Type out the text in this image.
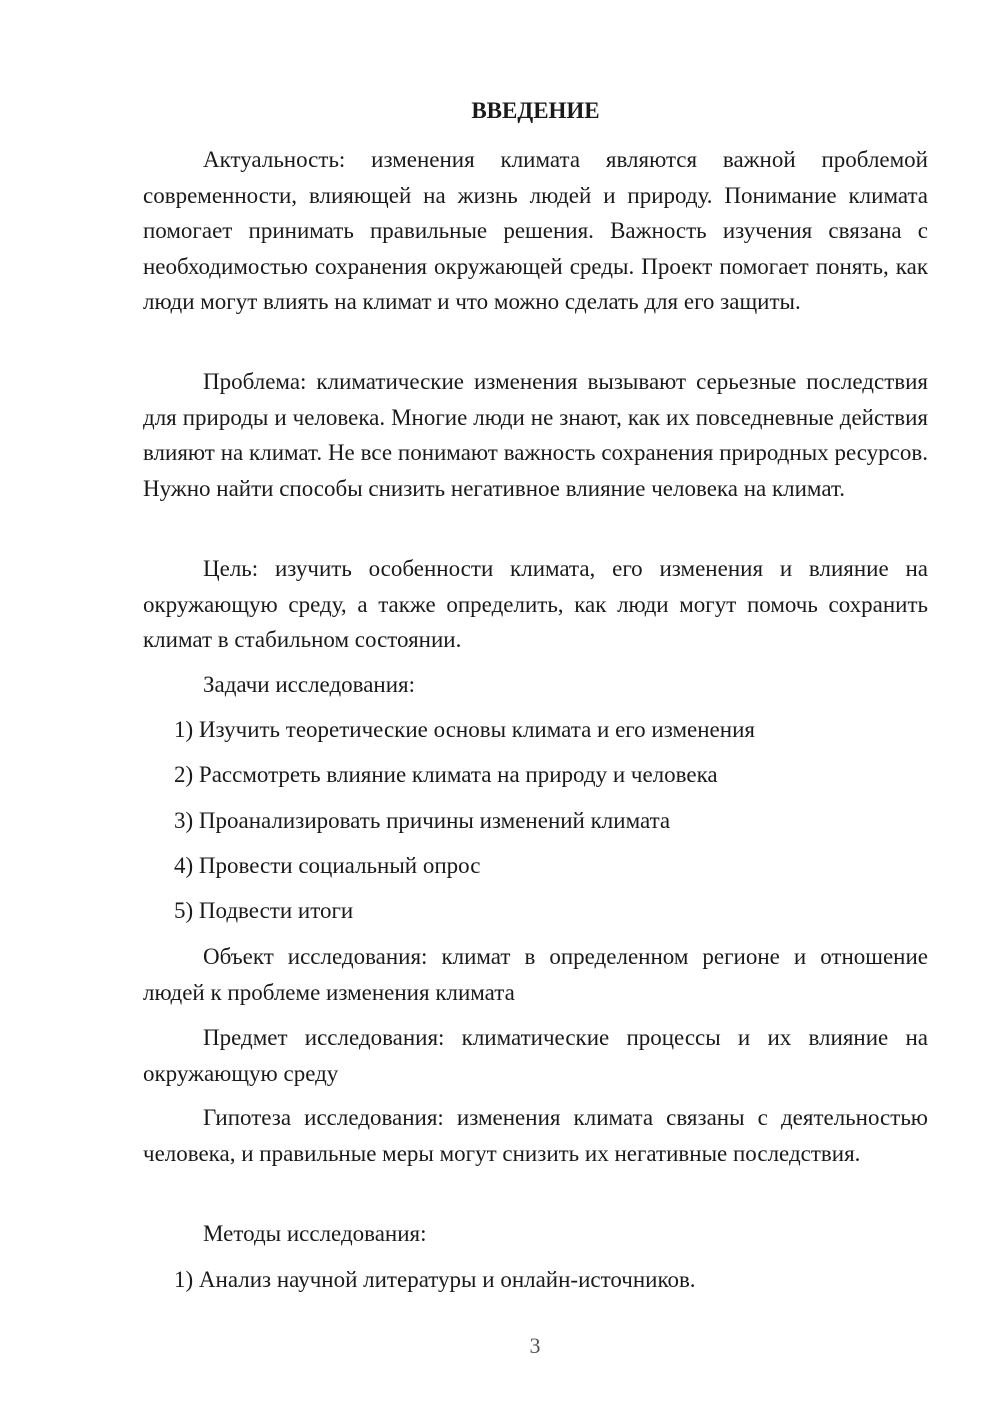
ВВЕДЕНИЕ

Актуальность: изменения климата являются важной проблемой современности, влияющей на жизнь людей и природу. Понимание климата помогает принимать правильные решения. Важность изучения связана с необходимостью сохранения окружающей среды. Проект помогает понять, как люди могут влиять на климат и что можно сделать для его защиты.

Проблема: климатические изменения вызывают серьезные последствия для природы и человека. Многие люди не знают, как их повседневные действия влияют на климат. Не все понимают важность сохранения природных ресурсов. Нужно найти способы снизить негативное влияние человека на климат.

Цель: изучить особенности климата, его изменения и влияние на окружающую среду, а также определить, как люди могут помочь сохранить климат в стабильном состоянии.

Задачи исследования:

1) Изучить теоретические основы климата и его изменения

2) Рассмотреть влияние климата на природу и человека

3) Проанализировать причины изменений климата

4) Провести социальный опрос

5) Подвести итоги

Объект исследования: климат в определенном регионе и отношение людей к проблеме изменения климата

Предмет исследования: климатические процессы и их влияние на окружающую среду

Гипотеза исследования: изменения климата связаны с деятельностью человека, и правильные меры могут снизить их негативные последствия.

Методы исследования:

1) Анализ научной литературы и онлайн-источников.

3
